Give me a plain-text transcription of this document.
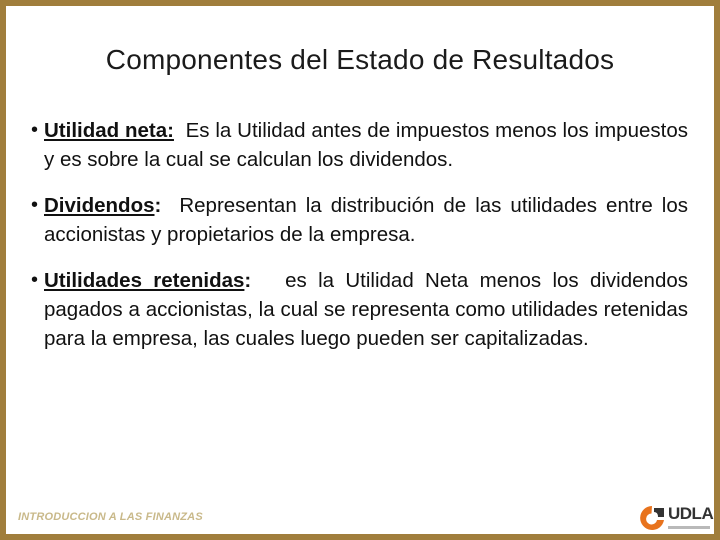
Componentes del Estado de Resultados
• Utilidad neta:  Es la Utilidad antes de impuestos menos los impuestos y es sobre la cual se calculan los dividendos.
• Dividendos:  Representan la distribución de las utilidades entre los accionistas y propietarios de la empresa.
• Utilidades retenidas:   es la Utilidad Neta menos los dividendos pagados a accionistas, la cual se representa como utilidades retenidas para la empresa, las cuales luego pueden ser capitalizadas.
INTRODUCCION A LAS FINANZAS	UDLA
